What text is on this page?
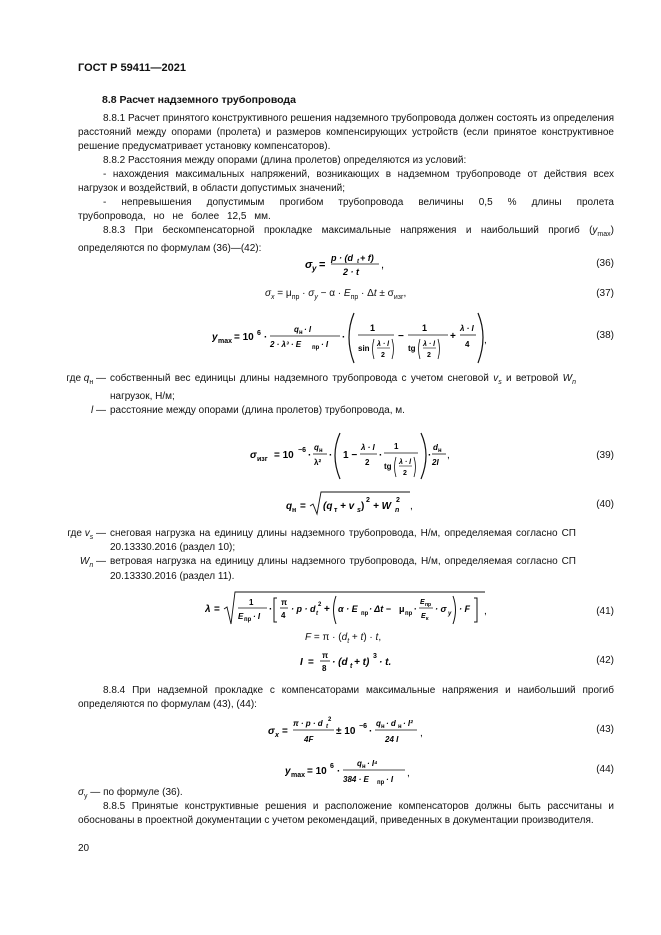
ГОСТ Р 59411—2021
8.8 Расчет надземного трубопровода
8.8.1 Расчет принятого конструктивного решения надземного трубопровода должен состоять из определения расстояний между опорами (пролета) и размеров компенсирующих устройств (если принятое конструктивное решение предусматривает установку компенсаторов).
8.8.2 Расстояния между опорами (длина пролетов) определяются из условий:
- нахождения максимальных напряжений, возникающих в надземном трубопроводе от действия всех нагрузок и воздействий, в области допустимых значений;
- непревышения допустимым прогибом трубопровода величины 0,5 % длины пролета трубопровода, но не более 12,5 мм.
8.8.3 При бескомпенсаторной прокладке максимальные напряжения и наибольший прогиб $(y_{max})$ определяются по формулам (36)—(42):
σ y =
p · (d t + f)
2 · t
,	(36)
$\sigma_x = \mu_{пр} \cdot \sigma_y - \alpha \cdot E_{пр} \cdot \Delta t \pm \sigma_{изг}$,	(37)
y max = 10 6 ·
q н · l
2 · λ³ · E пр · I
·
1
sin λ · l
2
−
1
tg λ · l
2
+
λ · l
4 ,	(38)
где $q_н$ — собственный вес единицы длины надземного трубопровода с учетом снеговой $v_s$ и ветровой $W_n$ нагрузок, Н/м;
l — расстояние между опорами (длина пролетов) трубопровода, м.
σ изг = 10 −6 ·
q н
λ²
· 1 −
λ · l
2
·
1
tg λ · l
2
·
d н
2I
,	(39)
q н = (q т + v s )
2
+ W n
2
,	(40)
где $v_s$ — снеговая нагрузка на единицу длины надземного трубопровода, Н/м, определяемая согласно СП 20.13330.2016 (раздел 10);
$W_n$ — ветровая нагрузка на единицу длины надземного трубопровода, Н/м, определяемая согласно СП 20.13330.2016 (раздел 11).
λ =
1
E пр · I
·
π
4
· p · d t
2 + α · E пр · Δt − μ пр ·
E пр
E к
· σ y · F ,	(41)
$F = \pi \cdot (d_t + t) \cdot t$,
I =
π
8
· (d t + t)
3
· t.	(42)
8.8.4 При надземной прокладке с компенсаторами максимальные напряжения и наибольший прогиб определяются по формулам (43), (44):
σ x =
π · p · d t
2
4F
± 10 −6 ·
q н · d н · l²
24 I
,	(43)
y max = 10 6 ·
q н · l⁴
384 · E пр · I
,	(44)
$\sigma_y$ — по формуле (36).
8.8.5 Принятые конструктивные решения и расположение компенсаторов должны быть рассчитаны и обоснованы в проектной документации с учетом рекомендаций, приведенных в документации производителя.
20
